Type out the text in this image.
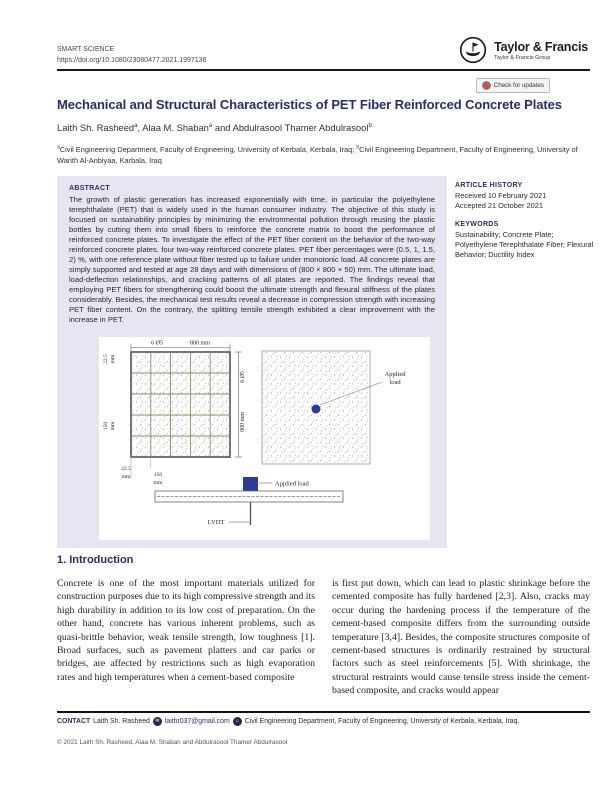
SMART SCIENCE
https://doi.org/10.1080/23080477.2021.1997136
Taylor & Francis
Taylor & Francis Group
Check for updates
Mechanical and Structural Characteristics of PET Fiber Reinforced Concrete Plates
Laith Sh. Rasheed$^a$, Alaa M. Shaban$^a$ and Abdulrasool Thamer Abdulrasool$^b$
$^a$Civil Engineering Department, Faculty of Engineering, University of Kerbala, Kerbala, Iraq; $^b$Civil Engineering Department, Faculty of Engineering, University of Warith Al-Anbiyaa, Karbala, Iraq
ABSTRACT

The growth of plastic generation has increased exponentially with time, in particular the polyethylene terephthalate (PET) that is widely used in the human consumer industry. The objective of this study is focused on sustainability principles by minimizing the environmental pollution through reusing the plastic bottles by cutting them into small fibers to reinforce the concrete matrix to boost the performance of reinforced concrete plates. To investigate the effect of the PET fiber content on the behavior of the two-way reinforced concrete plates, four two-way reinforced concrete plates. PET fiber percentages were (0.5, 1, 1.5, 2) %, with one reference plate without fiber tested up to failure under monotonic load. All concrete plates are simply supported and tested at age 28 days and with dimensions of (800 × 800 × 50) mm. The ultimate load, load-deflection relationships, and cracking patterns of all plates are reported. The findings reveal that employing PET fibers for strengthening could boost the ultimate strength and flexural stiffness of the plates considerably. Besides, the mechanical test results reveal a decrease in compression strength with increasing PET fiber content. On the contrary, the splitting tensile strength exhibited a clear improvement with the increase in PET.

6 Ø5	800 mm
6 Ø5
800 mm
22.5 mm
150 mm
22.5
mm	150
mm
Applied
load
Applied load
LVDT
ARTICLE HISTORY
Received 10 February 2021
Accepted 21 October 2021
KEYWORDS
Sustainability; Concrete Plate; Polyethylene Terephthalate Fiber; Flexural Behavior; Ductility Index
1. Introduction

Concrete is one of the most important materials utilized for construction purposes due to its high compressive strength and its high durability in addition to its low cost of preparation. On the other hand, concrete has various inherent problems, such as quasi-brittle behavior, weak tensile strength, low toughness [1]. Broad surfaces, such as pavement platters and car parks or bridges, are affected by restrictions such as high evaporation rates and high temperatures when a cement-based composite

is first put down, which can lead to plastic shrinkage before the cemented composite has fully hardened [2,3]. Also, cracks may occur during the hardening process if the temperature of the cement-based composite differs from the surrounding outside temperature [3,4]. Besides, the composite structures composite of cement-based structures is ordinarily restrained by structural factors such as steel reinforcements [5]. With shrinkage, the structural restraints would cause tensile stress inside the cement-based composite, and cracks would appear

CONTACT Laith Sh. Rasheed	✉ laithr037@gmail.com	⌂ Civil Engineering Department, Faculty of Engineering, University of Kerbala, Kerbala, Iraq.
© 2021 Laith Sh. Rasheed, Alaa M. Shaban and Abdulrasool Thamer Abdulrasool
